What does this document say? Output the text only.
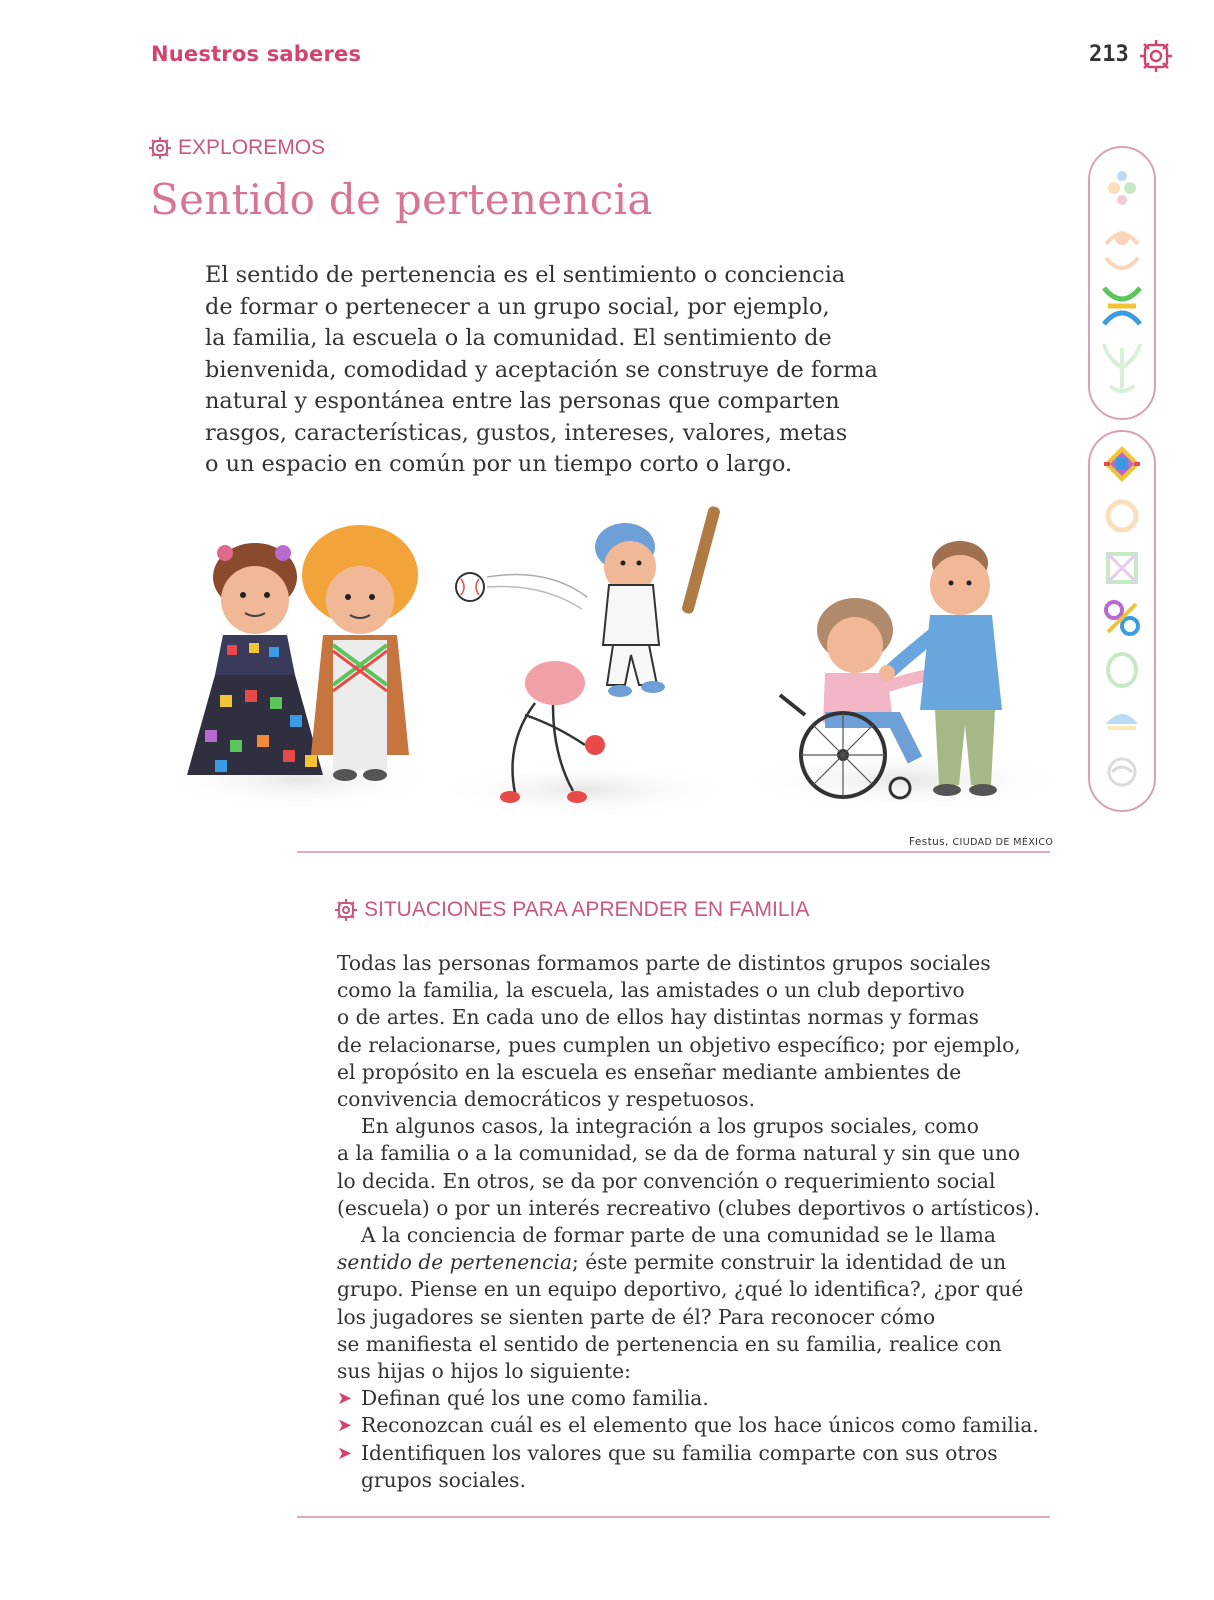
Nuestros saberes	213
EXPLOREMOS
Sentido de pertenencia
El sentido de pertenencia es el sentimiento o conciencia
de formar o pertenecer a un grupo social, por ejemplo,
la familia, la escuela o la comunidad. El sentimiento de
bienvenida, comodidad y aceptación se construye de forma
natural y espontánea entre las personas que comparten
rasgos, características, gustos, intereses, valores, metas
o un espacio en común por un tiempo corto o largo.
Festus, CIUDAD DE MÉXICO
SITUACIONES PARA APRENDER EN FAMILIA
Todas las personas formamos parte de distintos grupos sociales
como la familia, la escuela, las amistades o un club deportivo
o de artes. En cada uno de ellos hay distintas normas y formas
de relacionarse, pues cumplen un objetivo específico; por ejemplo,
el propósito en la escuela es enseñar mediante ambientes de
convivencia democráticos y respetuosos.
En algunos casos, la integración a los grupos sociales, como
a la familia o a la comunidad, se da de forma natural y sin que uno
lo decida. En otros, se da por convención o requerimiento social
(escuela) o por un interés recreativo (clubes deportivos o artísticos).
A la conciencia de formar parte de una comunidad se le llama
sentido de pertenencia; éste permite construir la identidad de un
grupo. Piense en un equipo deportivo, ¿qué lo identifica?, ¿por qué
los jugadores se sienten parte de él? Para reconocer cómo
se manifiesta el sentido de pertenencia en su familia, realice con
sus hijas o hijos lo siguiente:
➤ Definan qué los une como familia.
➤ Reconozcan cuál es el elemento que los hace únicos como familia.
➤ Identifiquen los valores que su familia comparte con sus otros
grupos sociales.
